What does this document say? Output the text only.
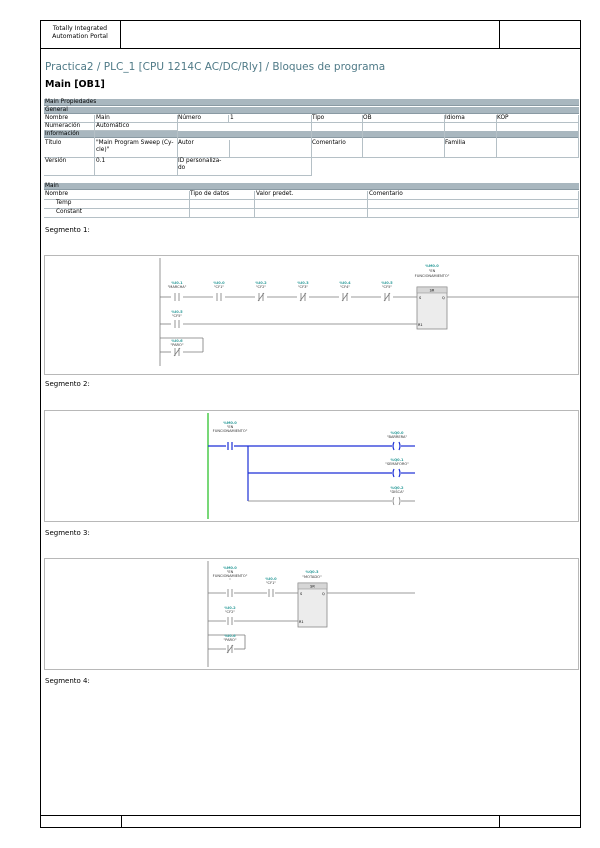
Totally Integrated
Automation Portal
Practica2 / PLC_1 [CPU 1214C AC/DC/Rly] / Bloques de programa
Main [OB1]
Main Propiedades
General
Nombre	Main	Número	1	Tipo	OB	Idioma	KOP
Numeración	Automático
Información
Título	"Main Program Sweep (Cy-
cle)"
Autor	Comentario	Familia
Versión	0.1	ID personaliza-
do
Main
Nombre	Tipo de datos	Valor predet.	Comentario
Temp
Constant
Segmento 1:
Segmento 2:
Segmento 3:
Segmento 4:
SR
S	Q
R1
%I0.1
"MARCHA"
%I0.0
"CF1"
%I0.2
"CF2"
%I0.3
"CF3"
%I0.4
"CF4"
%I0.5
"CF5"
%I0.5
"CF5"
%I0.6
"PARO"
%M0.0
"EN
FUNCIONAMIENTO"
%M0.0
"EN
FUNCIONAMIENTO"	%Q0.0
"BARRERA"
%Q0.1
"SEMAFORO"
%Q0.2
"DISCA"
SR
S	Q
R1
%M0.0
"EN
FUNCIONAMIENTO"
"	%I0.0
"CF1"
%I0.2
"CF2"
%I0.6
"PARO"
%Q0.3
"MOTADO"
